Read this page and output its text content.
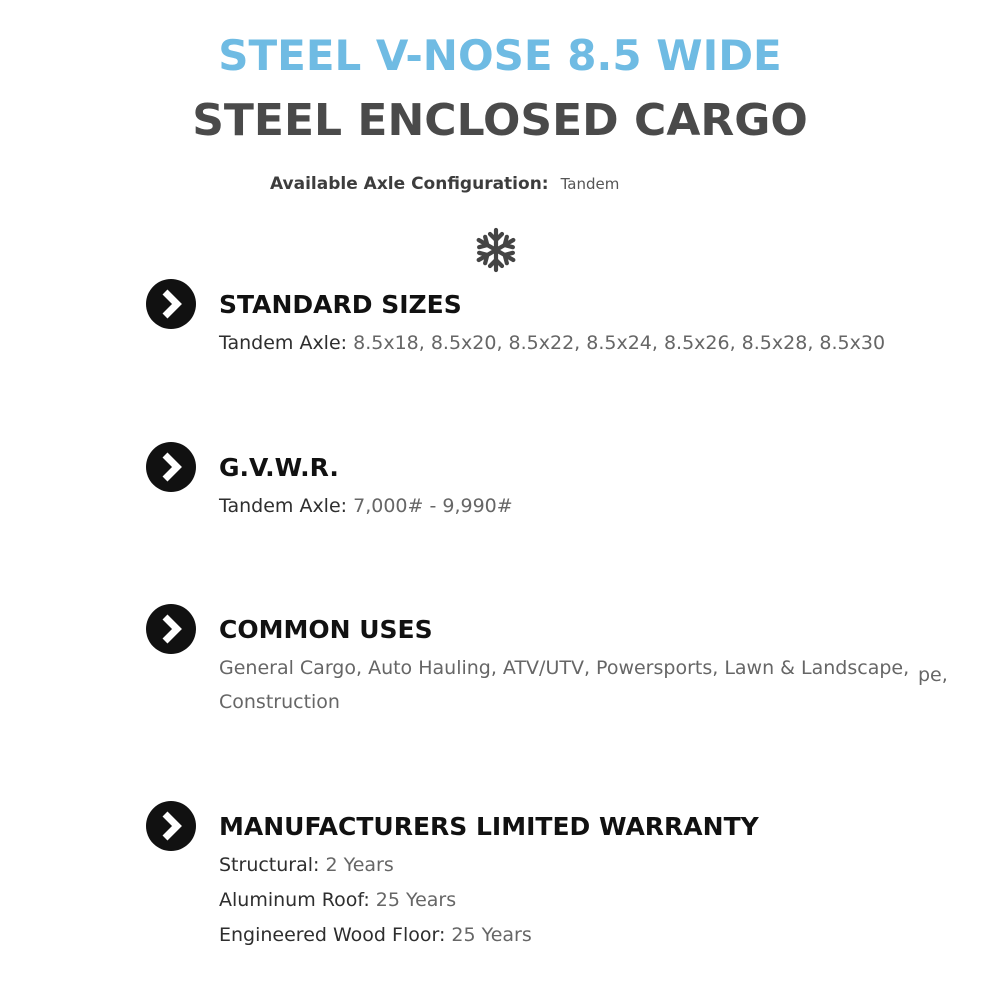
STEEL V-NOSE 8.5 WIDE
STEEL ENCLOSED CARGO
Available Axle Configuration: Tandem
STANDARD SIZES
Tandem Axle: 8.5x18, 8.5x20, 8.5x22, 8.5x24, 8.5x26, 8.5x28, 8.5x30
G.V.W.R.
Tandem Axle: 7,000# - 9,990#
COMMON USES
General Cargo, Auto Hauling, ATV/UTV, Powersports, Lawn & Landscape,
Construction
pe,
MANUFACTURERS LIMITED WARRANTY
Structural: 2 Years
Aluminum Roof: 25 Years
Engineered Wood Floor: 25 Years
